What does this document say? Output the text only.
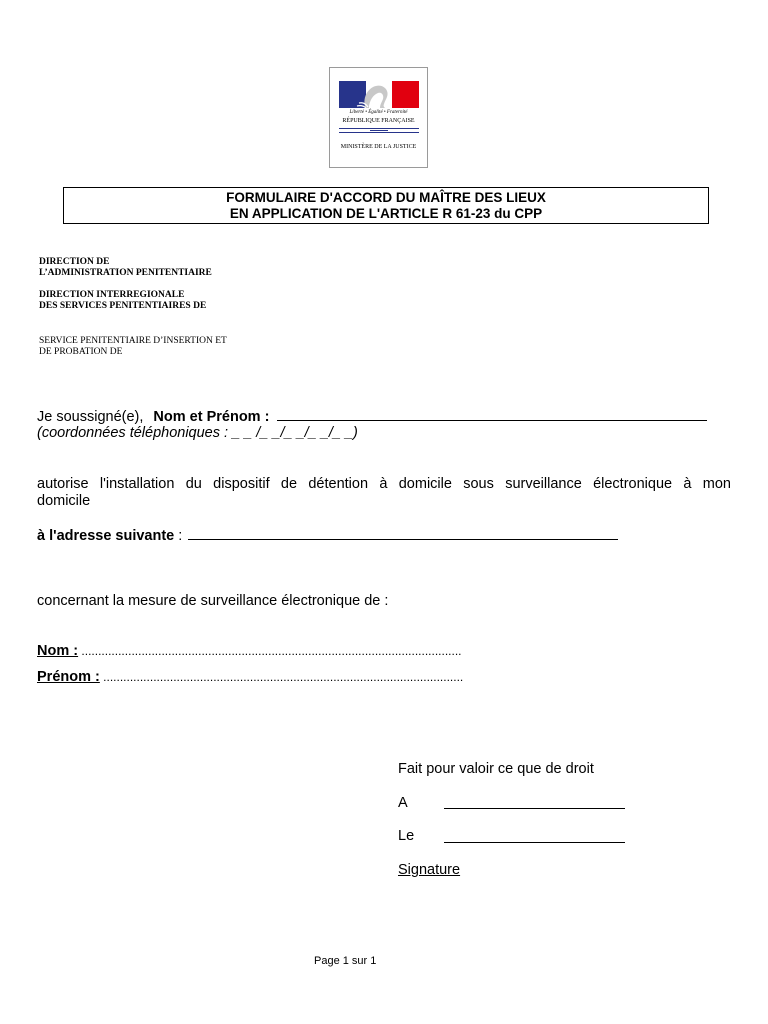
Liberté • Égalité • Fraternité
RÉPUBLIQUE FRANÇAISE
MINISTÈRE DE LA JUSTICE
FORMULAIRE D'ACCORD DU MAÎTRE DES LIEUX
EN APPLICATION DE L'ARTICLE R 61-23 du CPP
DIRECTION DE
L’ADMINISTRATION PENITENTIAIRE
DIRECTION INTERREGIONALE
DES SERVICES PENITENTIAIRES DE
SERVICE PENITENTIAIRE D’INSERTION ET
DE PROBATION DE
Je soussigné(e), Nom et Prénom :
(coordonnées téléphoniques : _ _ /_ _/_ _/_ _/_ _)
autorise l'installation du dispositif de détention à domicile sous surveillance électronique à mon
domicile
à l'adresse suivante :
concernant la mesure de surveillance électronique de :
Nom : ..................................................................................................................
Prénom : ............................................................................................................
Fait pour valoir ce que de droit
A
Le
Signature
Page 1 sur 1
